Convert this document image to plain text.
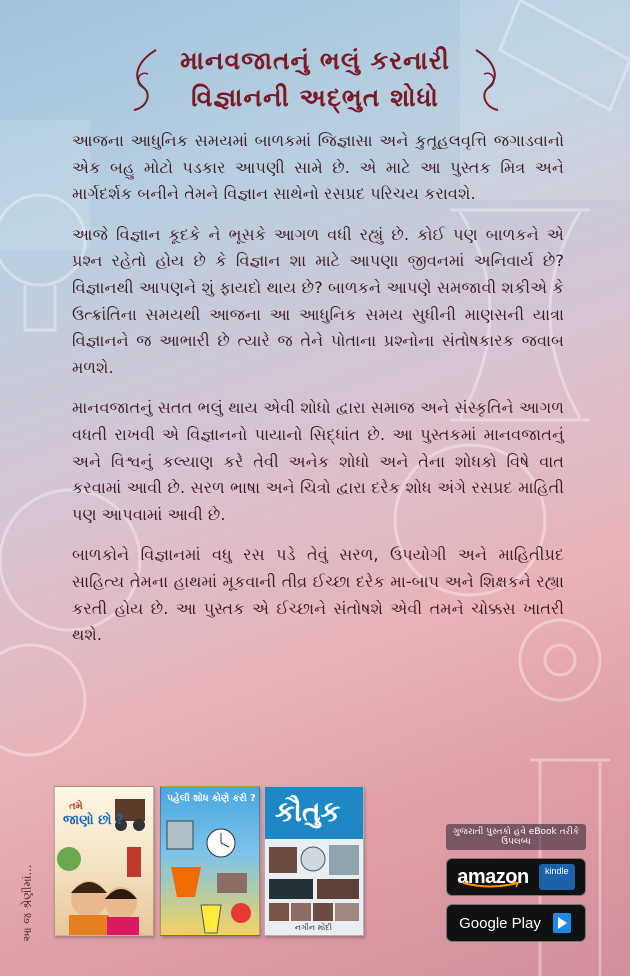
માનવજાતનું ભલું કરનારી
વિજ્ઞાનની અદ્ભુત શોધો

આજના આધુનિક સમયમાં બાળકમાં જિજ્ઞાસા અને કુતૂહલવૃત્તિ જગાડવાનો એક બહુ મોટો પડકાર આપણી સામે છે. એ માટે આ પુસ્તક મિત્ર અને માર્ગદર્શક બનીને તેમને વિજ્ઞાન સાથેનો રસપ્રદ પરિચય કરાવશે.

આજે વિજ્ઞાન કૂદકે ને ભૂસકે આગળ વધી રહ્યું છે. કોઈ પણ બાળકને એ પ્રશ્ન રહેતો હોય છે કે વિજ્ઞાન શા માટે આપણા જીવનમાં અનિવાર્ય છે? વિજ્ઞાનથી આપણને શું ફાયદો થાય છે? બાળકને આપણે સમજાવી શકીએ કે ઉત્ક્રાંતિના સમયથી આજના આ આધુનિક સમય સુધીની માણસની યાત્રા વિજ્ઞાનને જ આભારી છે ત્યારે જ તેને પોતાના પ્રશ્નોના સંતોષકારક જવાબ મળશે.

માનવજાતનું સતત ભલું થાય એવી શોધો દ્વારા સમાજ અને સંસ્કૃતિને આગળ વધતી રાખવી એ વિજ્ઞાનનો પાયાનો સિદ્ધાંત છે. આ પુસ્તકમાં માનવજાતનું અને વિશ્વનું કલ્યાણ કરે તેવી અનેક શોધો અને તેના શોધકો વિષે વાત કરવામાં આવી છે. સરળ ભાષા અને ચિત્રો દ્વારા દરેક શોધ અંગે રસપ્રદ માહિતી પણ આપવામાં આવી છે.

બાળકોને વિજ્ઞાનમાં વધુ રસ પડે તેવું સરળ, ઉપયોગી અને માહિતીપ્રદ સાહિત્ય તેમના હાથમાં મૂકવાની તીવ્ર ઈચ્છા દરેક મા-બાપ અને શિક્ષકને રહ્યા કરતી હોય છે. આ પુસ્તક એ ઈચ્છાને સંતોષશે એવી તમને ચોક્કસ ખાતરી થશે.

આ જ શ્રેણીમાં...
તમે
જાણો છો ?
પહેલી શોધ કોણે કરી ? કૌતુક
નગીન મોદી
ગુજરાતી પુસ્તકો હવે eBook તરીકે ઉપલબ્ધ
amazon	kindle
Google Play
